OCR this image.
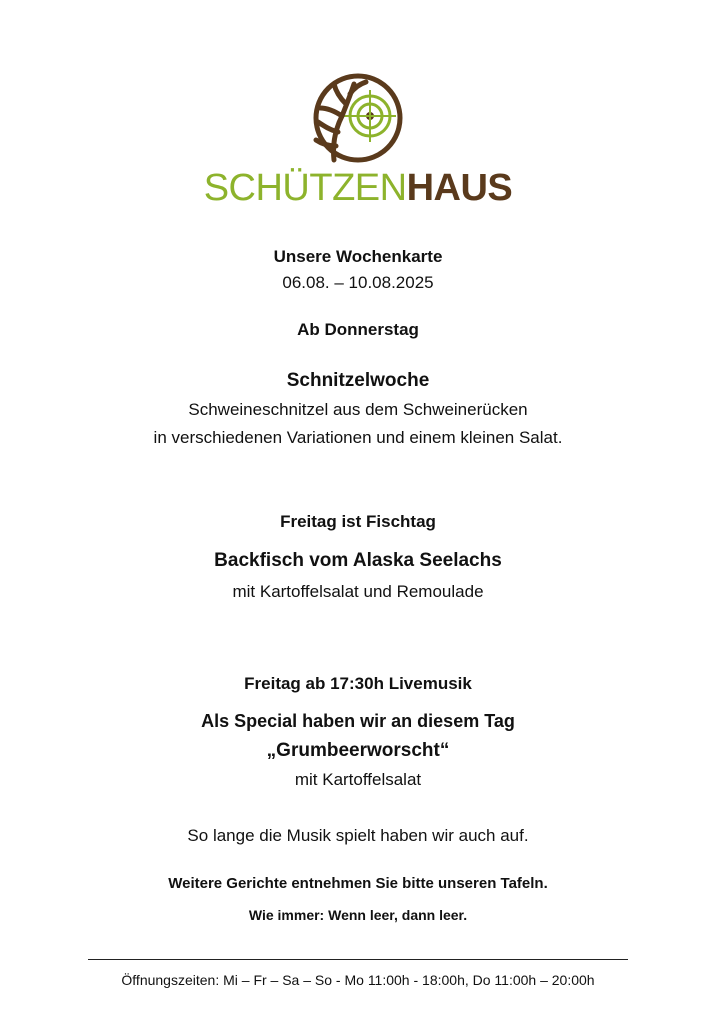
SCHÜTZENHAUS
Unsere Wochenkarte
06.08. – 10.08.2025
Ab Donnerstag
Schnitzelwoche
Schweineschnitzel aus dem Schweinerücken
in verschiedenen Variationen und einem kleinen Salat.
Freitag ist Fischtag
Backfisch vom Alaska Seelachs
mit Kartoffelsalat und Remoulade
Freitag ab 17:30h Livemusik
Als Special haben wir an diesem Tag
„Grumbeerworscht“
mit Kartoffelsalat
So lange die Musik spielt haben wir auch auf.
Weitere Gerichte entnehmen Sie bitte unseren Tafeln.
Wie immer: Wenn leer, dann leer.
Öffnungszeiten: Mi – Fr – Sa – So - Mo 11:00h - 18:00h, Do 11:00h – 20:00h
